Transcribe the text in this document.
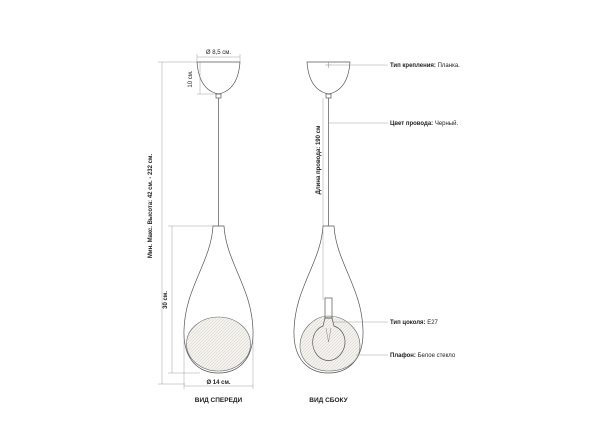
Ø 8,5 см.
10 см.
Мин. Макс. Высота: 42 см. - 232 см.
30 см.
Ø 14 см.
ВИД СПЕРЕДИ
Длина провода: 190 см
ВИД СБОКУ
Тип крепления: Планка.
Цвет провода: Черный.
Тип цоколя: E27
Плафон: Белое стекло
